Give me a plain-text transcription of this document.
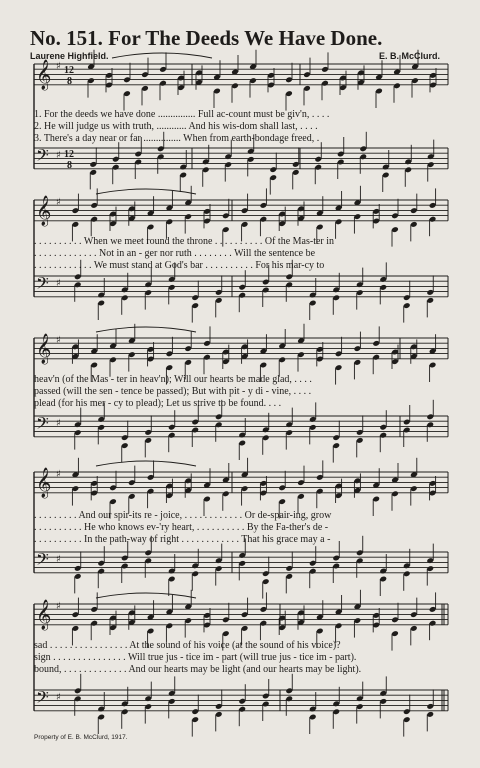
No. 151. For The Deeds We Have Done.
Laurene Highfield.	E. B. McClurd.
𝄞
𝄢
♯
♯
12
8
12
8
𝄞
𝄢
♯
♯
𝄞
𝄢
♯
♯
𝄞
𝄢
♯
♯
𝄞
𝄢
♯
♯
1. For the deeds we have done ............... Full ac-count must be giv'n, . . . .
2. He will judge us with truth, ............ And his wis-dom shall last, . . . .
3. There's a day near or far ............... When from earth-bondage freed, .
. . . . . . . . . . When we meet round the throne . . . . . . . . . . Of the Mas-ter in
. . . . . . . . . . . . . Not in an - ger nor ruth . . . . . . . . Will the sentence be
. . . . . . . . . . . . We must stand at God's bar . . . . . . . . . . For his mar-cy to
heav'n (of the Mas - ter in heav'n); Will our hearts be made glad, . . . .
passed (will the sen - tence be passed); But with pit - y di - vine, . . . .
plead (for his mer - cy to plead); Let us strive to be found. . . .
. . . . . . . . . And our spir-its re - joice, . . . . . . . . . . . . Or de-spair-ing, grow
. . . . . . . . . . He who knows ev-'ry heart, . . . . . . . . . . By the Fa-ther's de -
. . . . . . . . . . In the path-way of right . . . . . . . . . . . . That his grace may a -
sad . . . . . . . . . . . . . . . . At the sound of his voice (at the sound of his voice)?
sign . . . . . . . . . . . . . . . Will true jus - tice im - part (will true jus - tice im - part).
bound, . . . . . . . . . . . . . And our hearts may be light (and our hearts may be light).
Property of E. B. McClurd, 1917.
